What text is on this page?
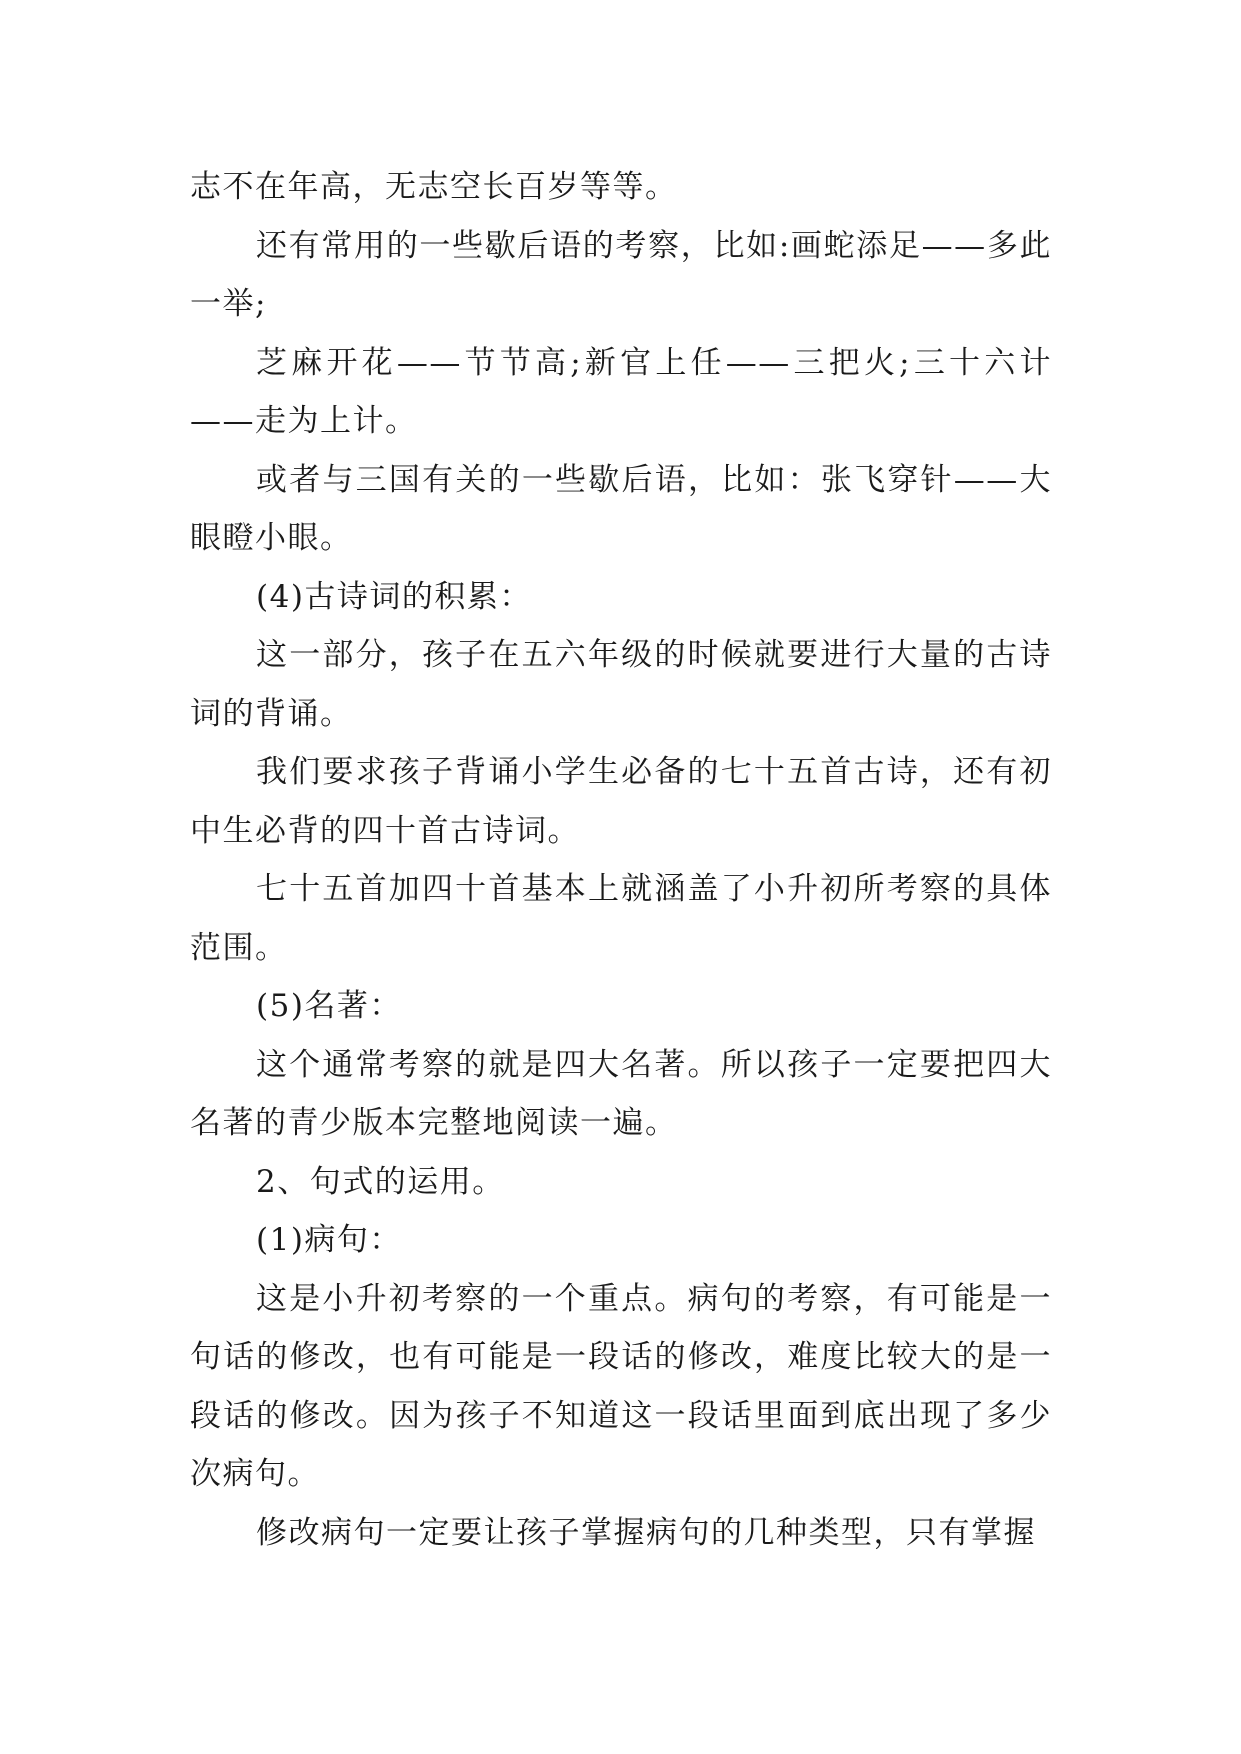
志不在年高，无志空长百岁等等。

还有常用的一些歇后语的考察，比如:画蛇添足——多此一举;

芝麻开花——节节高;新官上任——三把火;三十六计——走为上计。

或者与三国有关的一些歇后语，比如：张飞穿针——大眼瞪小眼。

(4)古诗词的积累：

这一部分，孩子在五六年级的时候就要进行大量的古诗词的背诵。

我们要求孩子背诵小学生必备的七十五首古诗，还有初中生必背的四十首古诗词。

七十五首加四十首基本上就涵盖了小升初所考察的具体范围。

(5)名著：

这个通常考察的就是四大名著。所以孩子一定要把四大名著的青少版本完整地阅读一遍。

2、句式的运用。

(1)病句：

这是小升初考察的一个重点。病句的考察，有可能是一句话的修改，也有可能是一段话的修改，难度比较大的是一段话的修改。因为孩子不知道这一段话里面到底出现了多少次病句。

修改病句一定要让孩子掌握病句的几种类型，只有掌握
